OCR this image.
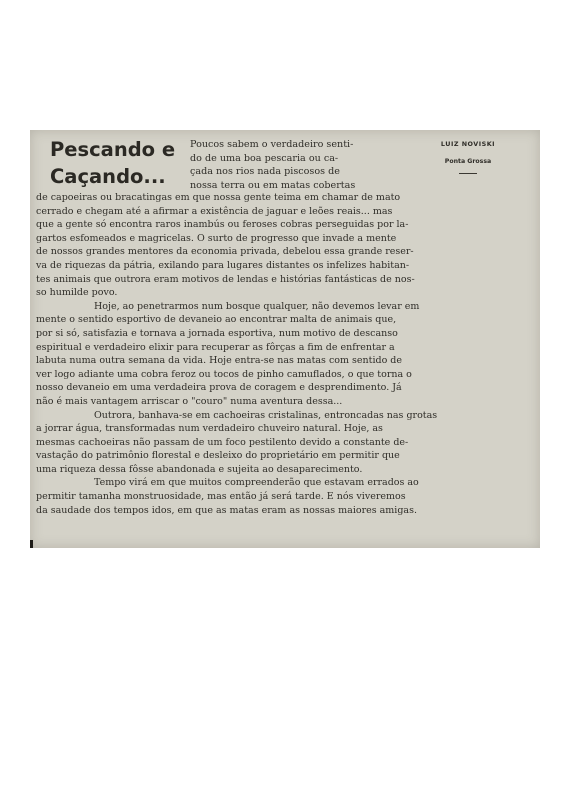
Pescando e
Caçando...
Poucos sabem o verdadeiro senti-
do de uma boa pescaria ou ca-
çada nos rios nada piscosos de
nossa terra ou em matas cobertas
LUIZ NOVISKI
Ponta Grossa
de capoeiras ou bracatingas em que nossa gente teima em chamar de mato
cerrado e chegam até a afirmar a existência de jaguar e leões reais... mas
que a gente só encontra raros inambús ou feroses cobras perseguidas por la-
gartos esfomeados e magricelas. O surto de progresso que invade a mente
de nossos grandes mentores da economia privada, debelou essa grande reser-
va de riquezas da pátria, exilando para lugares distantes os infelizes habitan-
tes animais que outrora eram motivos de lendas e histórias fantásticas de nos-
so humilde povo.
Hoje, ao penetrarmos num bosque qualquer, não devemos levar em
mente o sentido esportivo de devaneio ao encontrar malta de animais que,
por si só, satisfazia e tornava a jornada esportiva, num motivo de descanso
espiritual e verdadeiro elixir para recuperar as fôrças a fim de enfrentar a
labuta numa outra semana da vida. Hoje entra-se nas matas com sentido de
ver logo adiante uma cobra feroz ou tocos de pinho camuflados, o que torna o
nosso devaneio em uma verdadeira prova de coragem e desprendimento. Já
não é mais vantagem arriscar o "couro" numa aventura dessa...
Outrora, banhava-se em cachoeiras cristalinas, entroncadas nas grotas
a jorrar água, transformadas num verdadeiro chuveiro natural. Hoje, as
mesmas cachoeiras não passam de um foco pestilento devido a constante de-
vastação do patrimônio florestal e desleixo do proprietário em permitir que
uma riqueza dessa fôsse abandonada e sujeita ao desaparecimento.
Tempo virá em que muitos compreenderão que estavam errados ao
permitir tamanha monstruosidade, mas então já será tarde. E nós viveremos
da saudade dos tempos idos, em que as matas eram as nossas maiores amigas.
